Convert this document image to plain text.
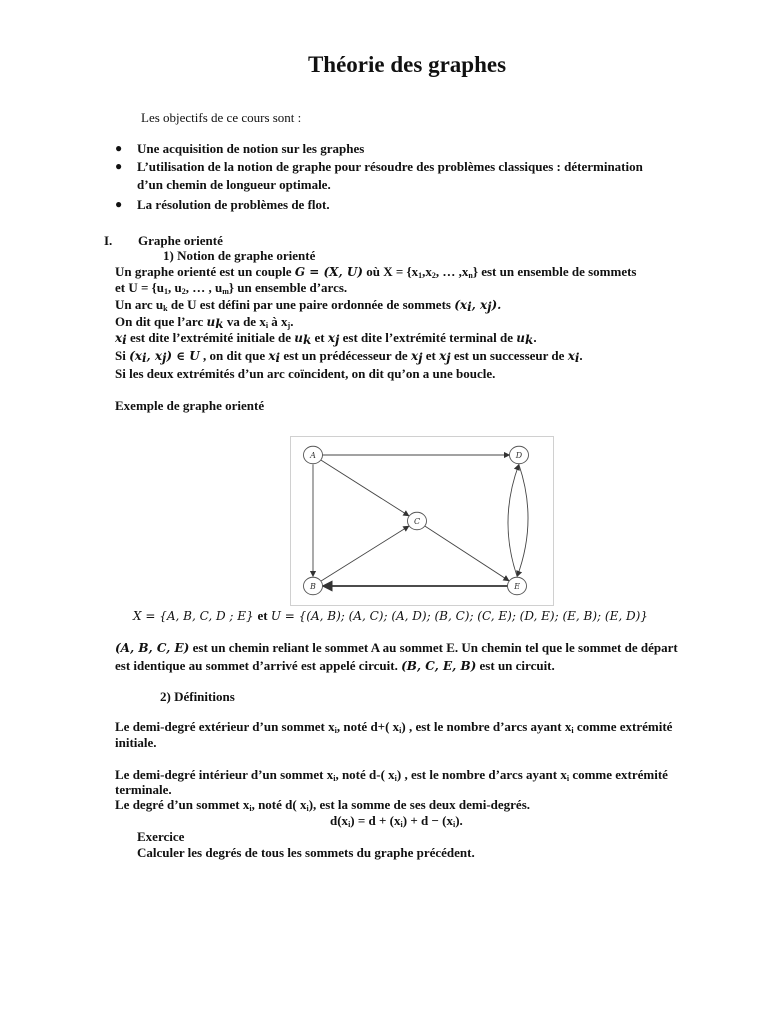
Théorie des graphes
Les objectifs de ce cours sont :
● Une acquisition de notion sur les graphes
● L’utilisation de la notion de graphe pour résoudre des problèmes classiques : détermination
d’un chemin de longueur optimale.
● La résolution de problèmes de flot.
I. Graphe orienté
1) Notion de graphe orienté
Un graphe orienté est un couple G = (X, U) où $X = \{x_1,x_2$, … $,x_n$} est un ensemble de sommets
et $U = \{u_1$, $u_2$, … , $u_m$} un ensemble d’arcs.
Un arc $u_k$ de U est défini par une paire ordonnée de sommets ($x_i$, $x_j$).
On dit que l’arc $u_k$ va de $x_i$ à $x_j$.
$x_i$ est dite l’extrémité initiale de $u_k$ et $x_j$ est dite l’extrémité terminal de $u_k$.
Si ($x_i$, $x_j$) ∈ U , on dit que $x_i$ est un prédécesseur de $x_j$ et $x_j$ est un successeur de $x_i$.
Si les deux extrémités d’un arc coïncident, on dit qu’on a une boucle.
Exemple de graphe orienté
A
B
C
D
E
X = {A, B, C, D ; E} et U = {(A, B); (A, C); (A, D); (B, C); (C, E); (D, E); (E, B); (E, D)}
(A, B, C, E) est un chemin reliant le sommet A au sommet E. Un chemin tel que le sommet de départ
est identique au sommet d’arrivé est appelé circuit. (B, C, E, B) est un circuit.
2) Définitions
Le demi-degré extérieur d’un sommet $x_i$, noté d+( $x_i$) , est le nombre d’arcs ayant $x_i$ comme extrémité
initiale.
Le demi-degré intérieur d’un sommet $x_i$, noté d-( $x_i$) , est le nombre d’arcs ayant $x_i$ comme extrémité
terminale.
Le degré d’un sommet $x_i$, noté d( $x_i$), est la somme de ses deux demi-degrés.
$d(x_i) = d + (x_i) + d - (x_i)$.
Exercice
Calculer les degrés de tous les sommets du graphe précédent.
